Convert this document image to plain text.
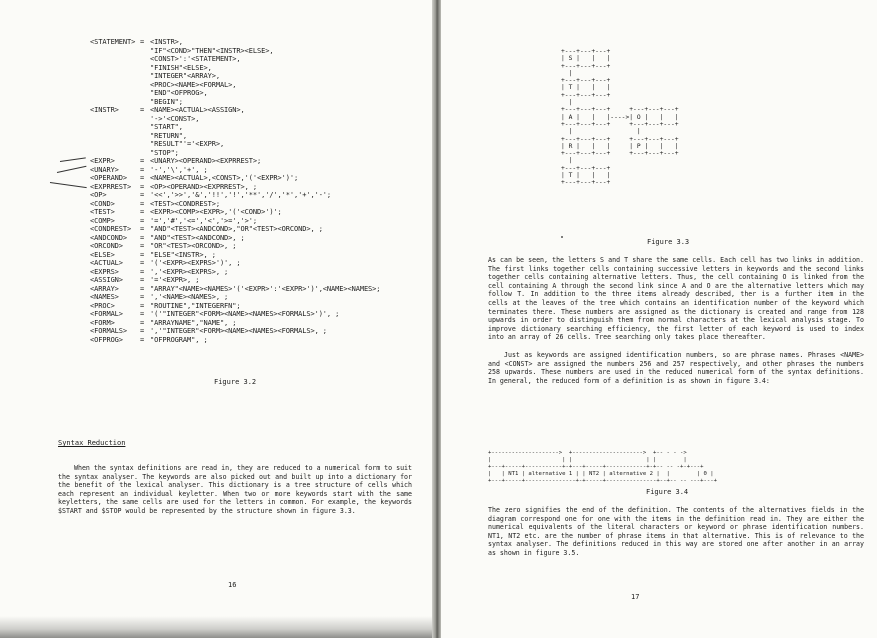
<STATEMENT> = <INSTR>,
"IF"<COND>"THEN"<INSTR><ELSE>,
<CONST>':'<STATEMENT>,
"FINISH"<ELSE>,
"INTEGER"<ARRAY>,
<PROC><NAME><FORMAL>,
"END"<OFPROG>,
"BEGIN";
<INSTR>	= <NAME><ACTUAL><ASSIGN>,
'->'<CONST>,
"START",
"RETURN",
"RESULT"'='<EXPR>,
"STOP";
<EXPR>	= <UNARY><OPERAND><EXPRREST>;
<UNARY>	= '-','\','+', ;
<OPERAND> = <NAME><ACTUAL>,<CONST>,'('<EXPR>')';
<EXPRREST> = <OP><OPERAND><EXPRREST>, ;
<OP>	= '<<','>>','&','!!','!','**','/','*','+','-';
<COND>	= <TEST><CONDREST>;
<TEST>	= <EXPR><COMP><EXPR>,'('<COND>')';
<COMP>	= '=','#','<=','<','>=','>';
<CONDREST> = "AND"<TEST><ANDCOND>,"OR"<TEST><ORCOND>, ;
<ANDCOND> = "AND"<TEST><ANDCOND>, ;
<ORCOND> = "OR"<TEST><ORCOND>, ;
<ELSE>	= "ELSE"<INSTR>, ;
<ACTUAL> = '('<EXPR><EXPRS>')', ;
<EXPRS>	= ','<EXPR><EXPRS>, ;
<ASSIGN> = '='<EXPR>, ;
<ARRAY>	= "ARRAY"<NAME><NAMES>'('<EXPR>':'<EXPR>')',<NAME><NAMES>;
<NAMES>	= ','<NAME><NAMES>, ;
<PROC>	= "ROUTINE","INTEGERFN";
<FORMAL> = '('"INTEGER"<FORM><NAME><NAMES><FORMALS>')', ;
<FORM>	= "ARRAYNAME","NAME", ;
<FORMALS> = ','"INTEGER"<FORM><NAME><NAMES><FORMALS>, ;
<OFPROG> = "OFPROGRAM", ;
Figure 3.2
Syntax Reduction

When the syntax definitions are read in, they are reduced to a numerical form to suit the syntax analyser. The keywords are also picked out and built up into a dictionary for the benefit of the lexical analyser. This dictionary is a tree structure of cells which each represent an individual keyletter. When two or more keywords start with the same keyletters, the same cells are used for the letters in common. For example, the keywords $START and $STOP would be represented by the structure shown in figure 3.3.

16
+---+---+---+
| S |   |   |
+---+---+---+
|
+---+---+---+
| T |   |   |
+---+---+---+
|
+---+---+---+     +---+---+---+
| A |   |   |---->| O |   |   |
+---+---+---+     +---+---+---+
|                 |
+---+---+---+     +---+---+---+
| R |   |   |     | P |   |   |
+---+---+---+     +---+---+---+
|
+---+---+---+
| T |   |   |
+---+---+---+
Figure 3.3

As can be seen, the letters S and T share the same cells. Each cell has two links in addition. The first links together cells containing successive letters in keywords and the second links together cells containing alternative letters. Thus, the cell containing O is linked from the cell containing A through the second link since A and O are the alternative letters which may follow T. In addition to the three items already described, ther is a further item in the cells at the leaves of the tree which contains an identification number of the keyword which terminates there. These numbers are assigned as the dictionary is created and range from 128 upwards in order to distinguish them from normal characters at the lexical analysis stage. To improve dictionary searching efficiency, the first letter of each keyword is used to index into an array of 26 cells. Tree searching only takes place thereafter.

Just as keywords are assigned identification numbers, so are phrase names. Phrases <NAME> and <CONST> are assigned the numbers 256 and 257 respectively, and other phrases the numbers 258 upwards. These numbers are used in the reduced numerical form of the syntax definitions. In general, the reduced form of a definition is as shown in figure 3.4:

+-------------------->  +--------------------->  +-- - - ->
|                     | |                      | |        |
+---+-----+-----------+-+---+-----+------------+-+-- -- -+-+---+
|   | NT1 | alternative 1 | | NT2 | alternative 2 |  |        | 0 |
+---+-----+---------------+-+-----+---------------+--+-- -- ---+---+
Figure 3.4

The zero signifies the end of the definition. The contents of the alternatives fields in the diagram correspond one for one with the items in the definition read in. They are either the numerical equivalents of the literal characters or keyword or phrase identification numbers. NT1, NT2 etc. are the number of phrase items in that alternative. This is of relevance to the syntax analyser. The definitions reduced in this way are stored one after another in an array as shown in figure 3.5.

17
